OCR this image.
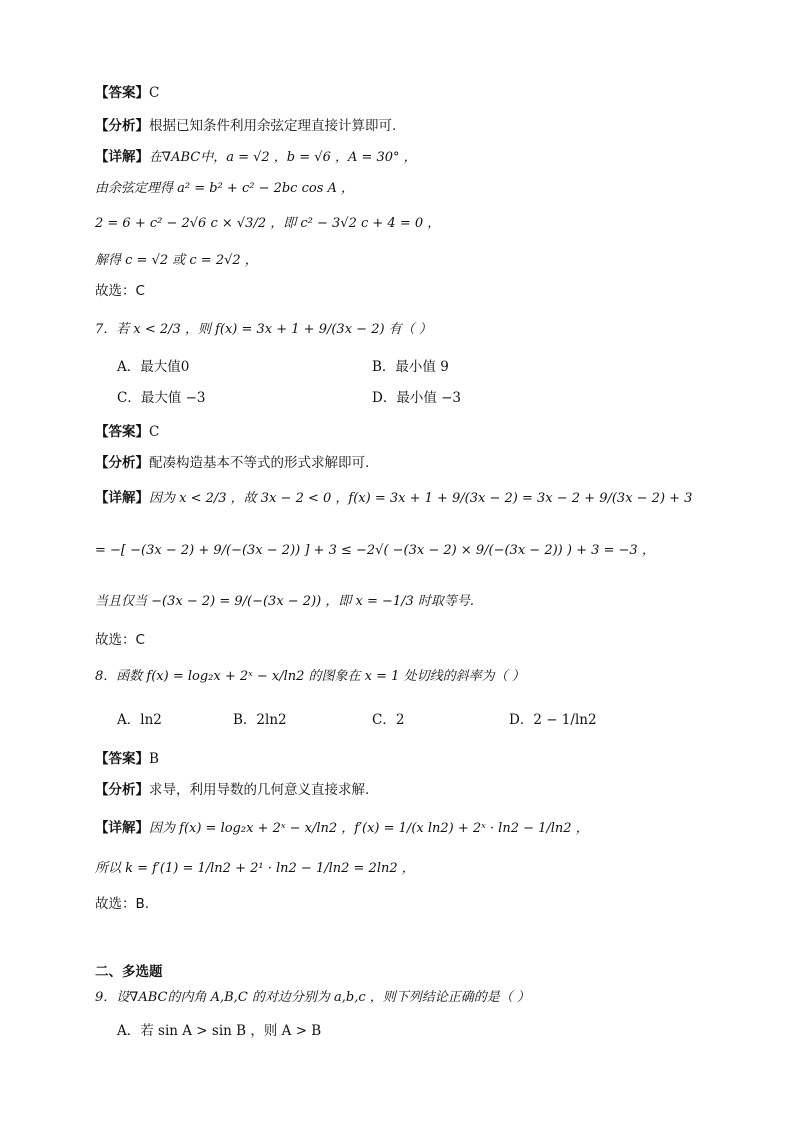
【答案】C
【分析】根据已知条件利用余弦定理直接计算即可.
【详解】在∇ABC中，a = √2 ，b = √6 ，A = 30° ，
由余弦定理得 a² = b² + c² − 2bc cos A ，
2 = 6 + c² − 2√6 c × √3/2 ，即 c² − 3√2 c + 4 = 0 ，
解得 c = √2 或 c = 2√2 ，
故选：C
7．若 x < 2/3 ，则 f(x) = 3x + 1 + 9/(3x − 2) 有（ ）
A．最大值0	B．最小值 9
C．最大值 −3	D．最小值 −3
【答案】C
【分析】配凑构造基本不等式的形式求解即可.
【详解】因为 x < 2/3 ，故 3x − 2 < 0 ，f(x) = 3x + 1 + 9/(3x − 2) = 3x − 2 + 9/(3x − 2) + 3
= −[ −(3x − 2) + 9/(−(3x − 2)) ] + 3 ≤ −2√( −(3x − 2) × 9/(−(3x − 2)) ) + 3 = −3 ，
当且仅当 −(3x − 2) = 9/(−(3x − 2)) ，即 x = −1/3 时取等号.
故选：C
8．函数 f(x) = log₂x + 2ˣ − x/ln2 的图象在 x = 1 处切线的斜率为（ ）
A．ln2	B．2ln2	C．2	D．2 − 1/ln2
【答案】B
【分析】求导，利用导数的几何意义直接求解.
【详解】因为 f(x) = log₂x + 2ˣ − x/ln2 ，f′(x) = 1/(x ln2) + 2ˣ · ln2 − 1/ln2 ，
所以 k = f′(1) = 1/ln2 + 2¹ · ln2 − 1/ln2 = 2ln2 ，
故选：B.
二、多选题
9．设∇ABC的内角 A,B,C 的对边分别为 a,b,c ，则下列结论正确的是（ ）
A．若 sin A > sin B ，则 A > B
